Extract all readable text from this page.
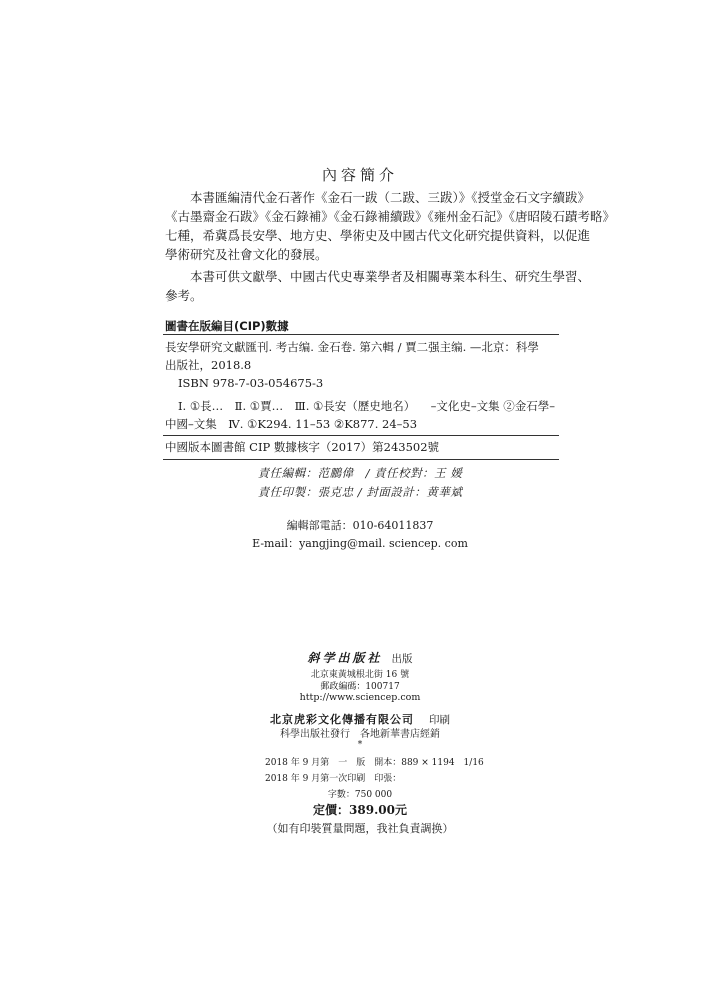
內容簡介

本書匯編清代金石著作《金石一跋（二跋、三跋）》《授堂金石文字續跋》

《古墨齋金石跋》《金石錄補》《金石錄補續跋》《雍州金石記》《唐昭陵石蹟考略》

七種，希冀爲長安學、地方史、學術史及中國古代文化研究提供資料，以促進

學術研究及社會文化的發展。

本書可供文獻學、中國古代史專業學者及相關專業本科生、研究生學習、

參考。

圖書在版編目(CIP)數據
長安學研究文獻匯刊. 考古编. 金石卷. 第六輯 / 賈二强主编. —北京：科學
出版社，2018.8
ISBN 978-7-03-054675-3
Ⅰ. ①長…　Ⅱ. ①賈…　Ⅲ. ①長安（歷史地名） –文化史–文集 ②金石學–
中國–文集　Ⅳ. ①K294. 11–53 ②K877. 24–53
中國版本圖書館 CIP 數據核字（2017）第243502號
責任編輯：范鵬偉　/ 責任校對：王 媛
責任印製：張克忠 / 封面設計：黄華斌
編輯部電話：010-64011837
E-mail：yangjing@mail. sciencep. com
斜学出版社 出版
北京東黃城根北街 16 號
郵政編碼：100717
http://www.sciencep.com
北京虎彩文化傳播有限公司 印刷
科學出版社發行　各地新華書店經銷
*
2018 年 9 月第　一　版　開本：889 × 1194　1/16
2018 年 9 月第一次印刷　印張：
字數：750 000
定價：389.00元
（如有印裝質量問題，我社負責調换）
